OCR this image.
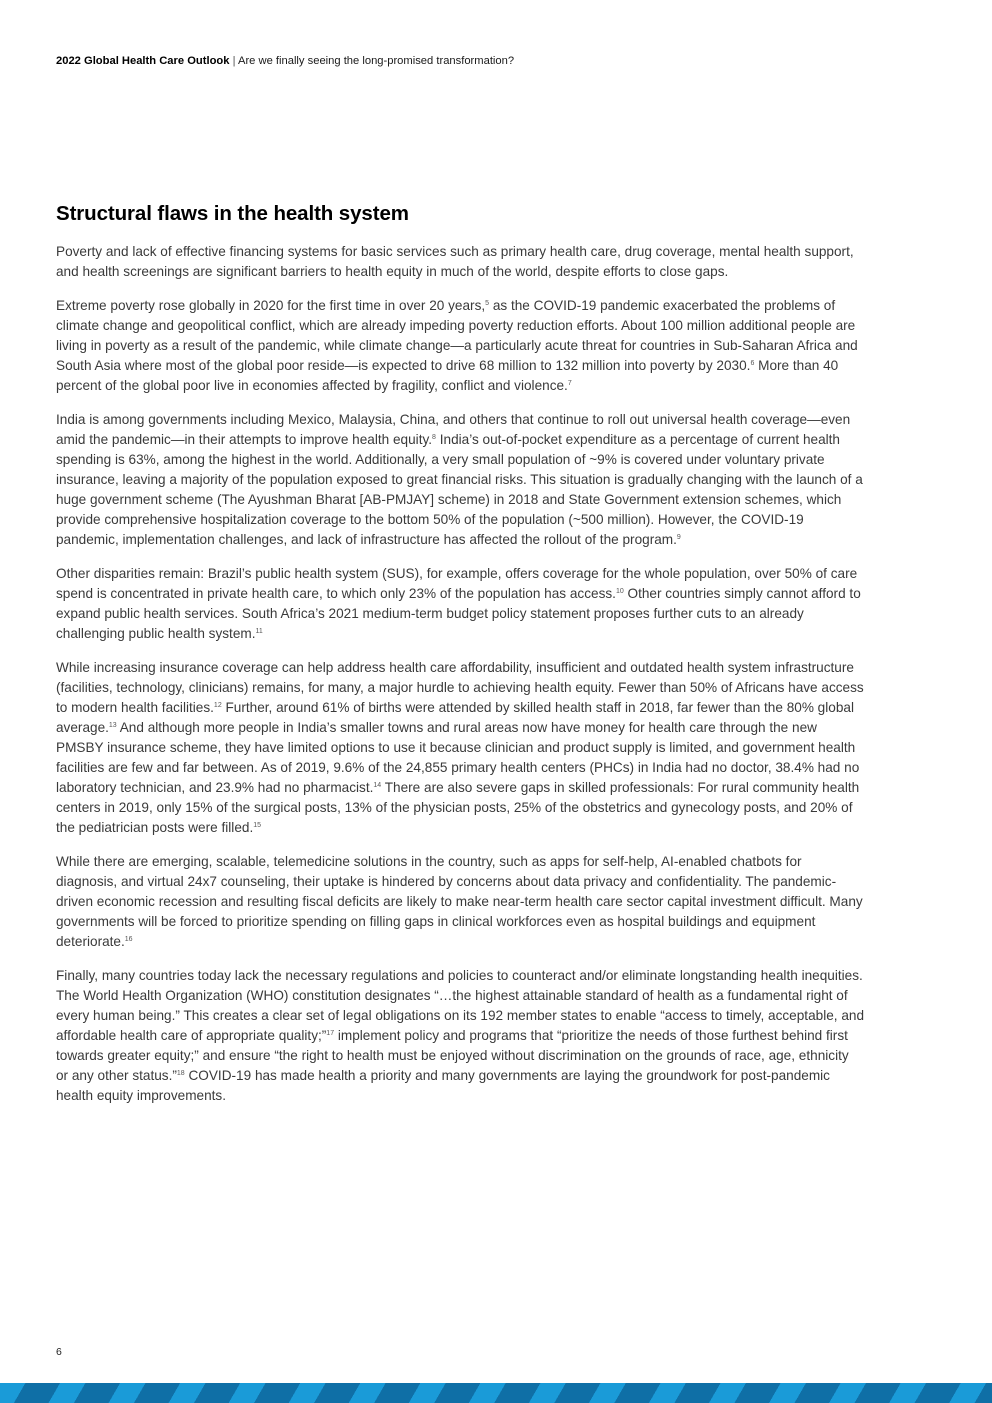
2022 Global Health Care Outlook | Are we finally seeing the long-promised transformation?
Structural flaws in the health system

Poverty and lack of effective financing systems for basic services such as primary health care, drug coverage, mental health support, and health screenings are significant barriers to health equity in much of the world, despite efforts to close gaps.

Extreme poverty rose globally in 2020 for the first time in over 20 years,$^5$ as the COVID-19 pandemic exacerbated the problems of climate change and geopolitical conflict, which are already impeding poverty reduction efforts. About 100 million additional people are living in poverty as a result of the pandemic, while climate change—a particularly acute threat for countries in Sub-Saharan Africa and South Asia where most of the global poor reside—is expected to drive 68 million to 132 million into poverty by 2030.$^6$ More than 40 percent of the global poor live in economies affected by fragility, conflict and violence.$^7$

India is among governments including Mexico, Malaysia, China, and others that continue to roll out universal health coverage—even amid the pandemic—in their attempts to improve health equity.$^8$ India’s out-of-pocket expenditure as a percentage of current health spending is 63%, among the highest in the world. Additionally, a very small population of ~9% is covered under voluntary private insurance, leaving a majority of the population exposed to great financial risks. This situation is gradually changing with the launch of a huge government scheme (The Ayushman Bharat [AB-PMJAY] scheme) in 2018 and State Government extension schemes, which provide comprehensive hospitalization coverage to the bottom 50% of the population (~500 million). However, the COVID-19 pandemic, implementation challenges, and lack of infrastructure has affected the rollout of the program.$^9$

Other disparities remain: Brazil’s public health system (SUS), for example, offers coverage for the whole population, over 50% of care spend is concentrated in private health care, to which only 23% of the population has access.$^{10}$ Other countries simply cannot afford to expand public health services. South Africa’s 2021 medium-term budget policy statement proposes further cuts to an already challenging public health system.$^{11}$

While increasing insurance coverage can help address health care affordability, insufficient and outdated health system infrastructure (facilities, technology, clinicians) remains, for many, a major hurdle to achieving health equity. Fewer than 50% of Africans have access to modern health facilities.$^{12}$ Further, around 61% of births were attended by skilled health staff in 2018, far fewer than the 80% global average.$^{13}$ And although more people in India’s smaller towns and rural areas now have money for health care through the new PMSBY insurance scheme, they have limited options to use it because clinician and product supply is limited, and government health facilities are few and far between. As of 2019, 9.6% of the 24,855 primary health centers (PHCs) in India had no doctor, 38.4% had no laboratory technician, and 23.9% had no pharmacist.$^{14}$ There are also severe gaps in skilled professionals: For rural community health centers in 2019, only 15% of the surgical posts, 13% of the physician posts, 25% of the obstetrics and gynecology posts, and 20% of the pediatrician posts were filled.$^{15}$

While there are emerging, scalable, telemedicine solutions in the country, such as apps for self-help, AI-enabled chatbots for diagnosis, and virtual 24x7 counseling, their uptake is hindered by concerns about data privacy and confidentiality. The pandemic-driven economic recession and resulting fiscal deficits are likely to make near-term health care sector capital investment difficult. Many governments will be forced to prioritize spending on filling gaps in clinical workforces even as hospital buildings and equipment deteriorate.$^{16}$

Finally, many countries today lack the necessary regulations and policies to counteract and/or eliminate longstanding health inequities. The World Health Organization (WHO) constitution designates “…the highest attainable standard of health as a fundamental right of every human being.” This creates a clear set of legal obligations on its 192 member states to enable “access to timely, acceptable, and affordable health care of appropriate quality;”$^{17}$ implement policy and programs that “prioritize the needs of those furthest behind first towards greater equity;” and ensure “the right to health must be enjoyed without discrimination on the grounds of race, age, ethnicity or any other status.”$^{18}$ COVID-19 has made health a priority and many governments are laying the groundwork for post-pandemic health equity improvements.

6
